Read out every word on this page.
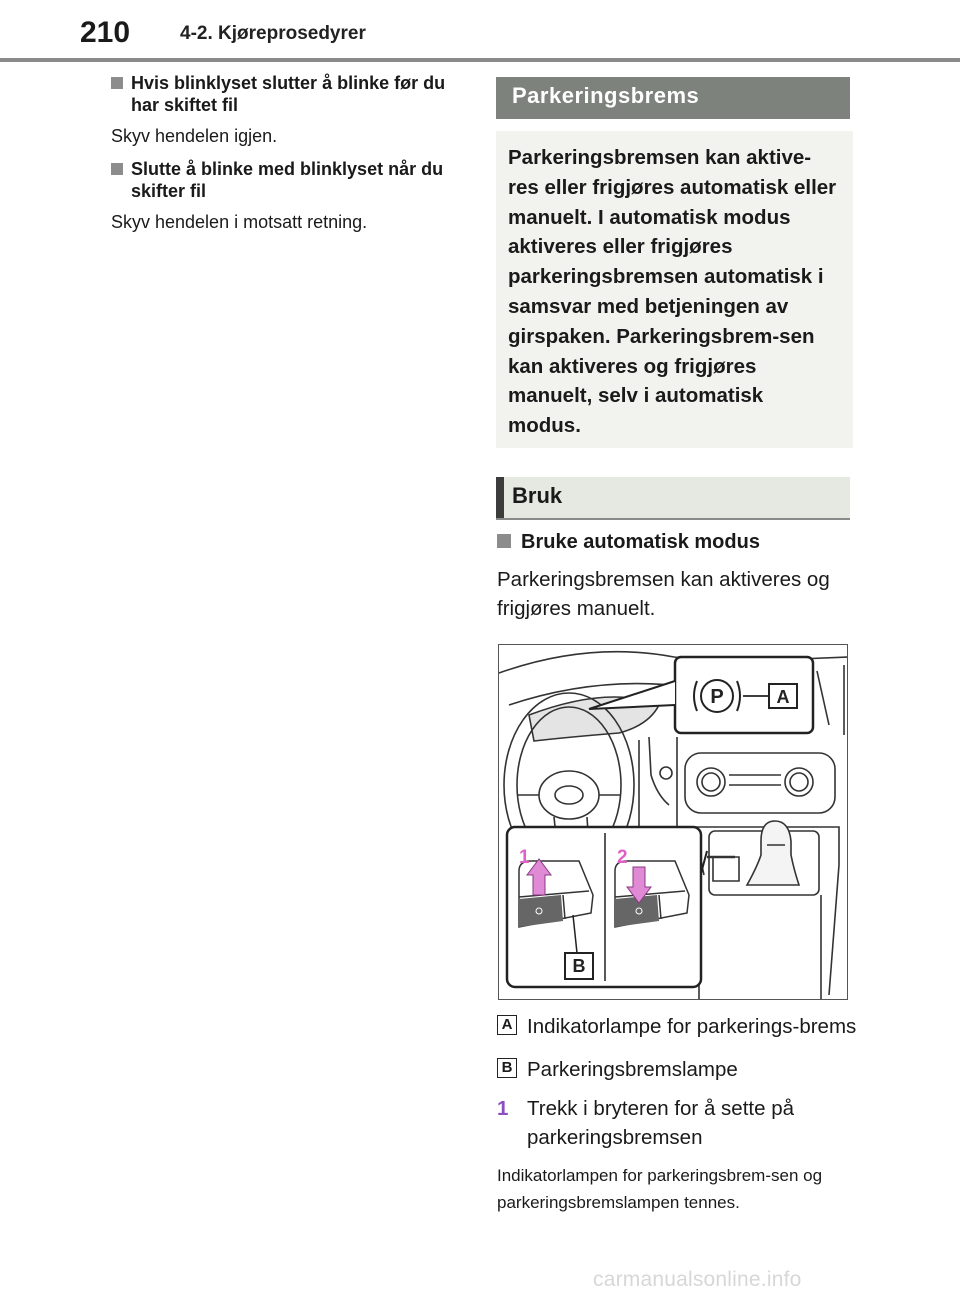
210	4-2. Kjøreprosedyrer
Hvis blinklyset slutter å blinke før du har skiftet fil

Skyv hendelen igjen.

Slutte å blinke med blinklyset når du skifter fil

Skyv hendelen i motsatt retning.

Parkeringsbrems

Parkeringsbremsen kan aktive-res eller frigjøres automatisk eller manuelt. I automatisk modus aktiveres eller frigjøres parkeringsbremsen automatisk i samsvar med betjeningen av girspaken. Parkeringsbrem-sen kan aktiveres og frigjøres manuelt, selv i automatisk modus.

Bruk
Bruke automatisk modus

Parkeringsbremsen kan aktiveres og frigjøres manuelt.

P	A
1
B
2
A Indikatorlampe for parkerings-brems
B Parkeringsbremslampe
1 Trekk i bryteren for å sette på parkeringsbremsen
Indikatorlampen for parkeringsbrem-sen og parkeringsbremslampen tennes.
carmanualsonline.info
